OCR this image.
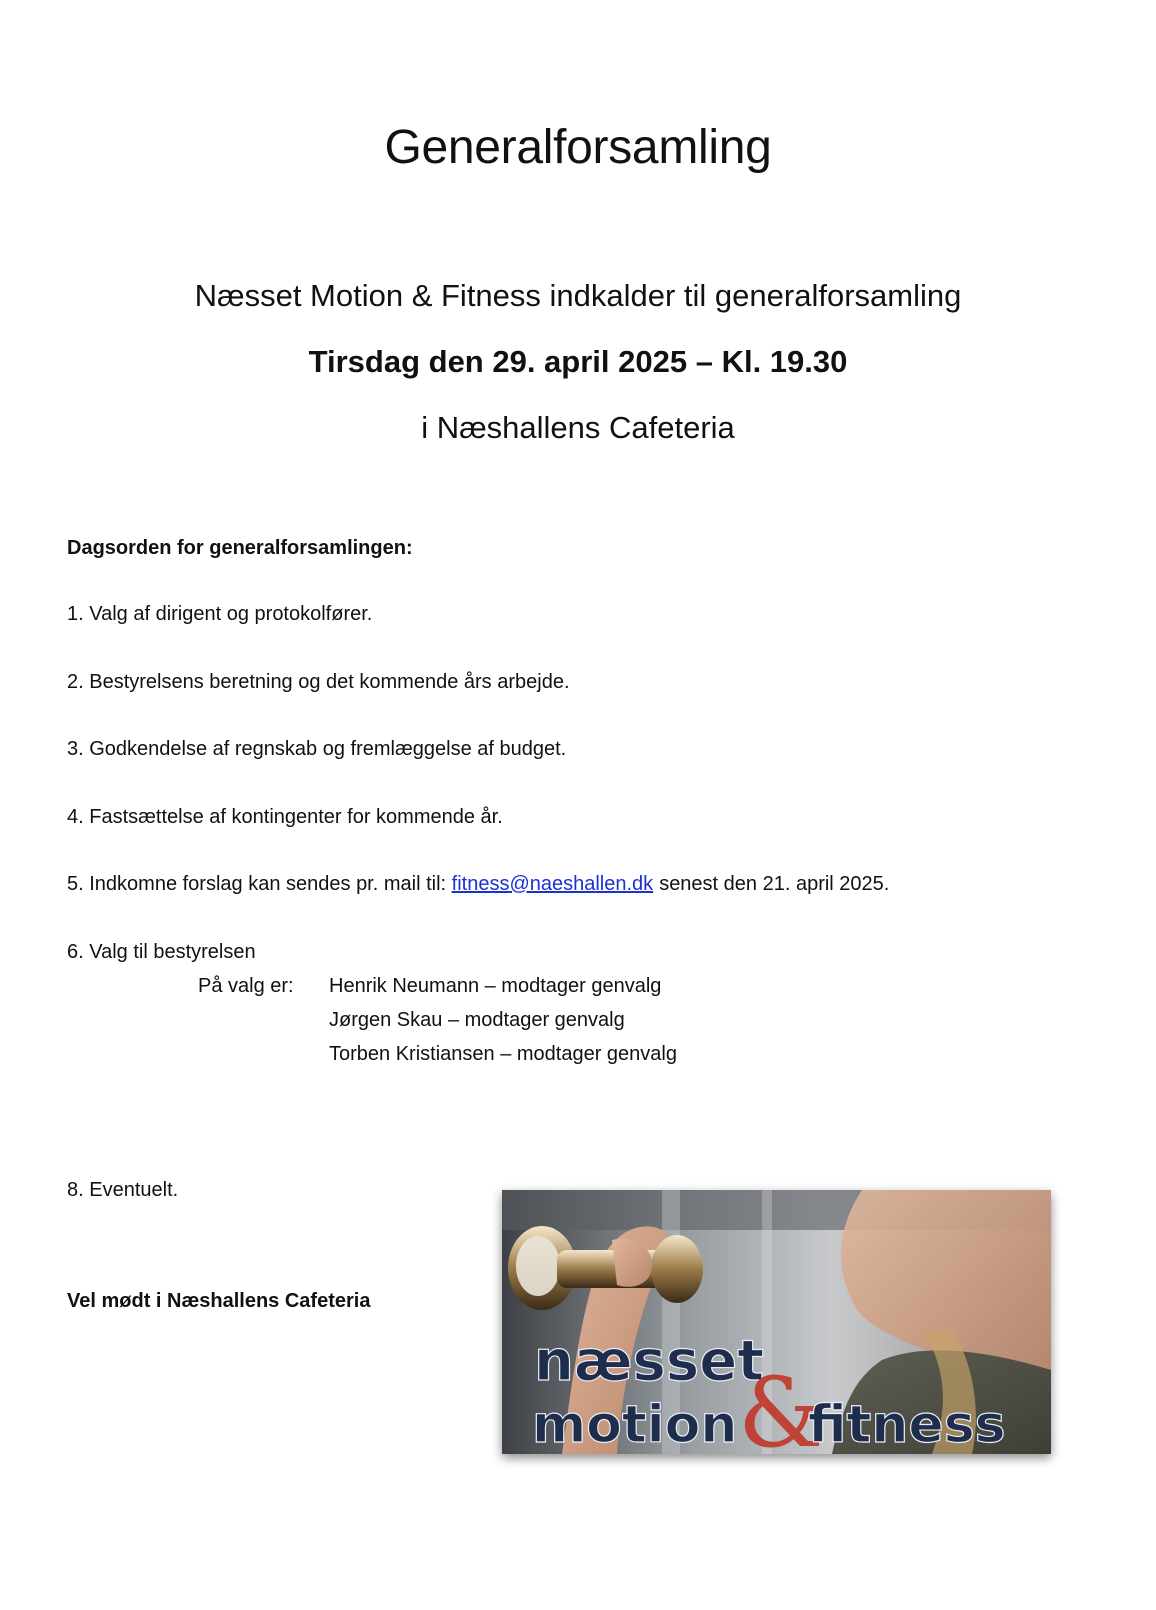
Generalforsamling

Næsset Motion & Fitness indkalder til generalforsamling

Tirsdag den 29. april 2025 – Kl. 19.30

i Næshallens Cafeteria

Dagsorden for generalforsamlingen:

1. Valg af dirigent og protokolfører.

2. Bestyrelsens beretning og det kommende års arbejde.

3. Godkendelse af regnskab og fremlæggelse af budget.

4. Fastsættelse af kontingenter for kommende år.

5. Indkomne forslag kan sendes pr. mail til: fitness@naeshallen.dk senest den 21. april 2025.

6. Valg til bestyrelsen

På valg er: Henrik Neumann – modtager genvalg

Jørgen Skau – modtager genvalg

Torben Kristiansen – modtager genvalg

8. Eventuelt.

Vel mødt i Næshallens Cafeteria

næsset
motion &
fitness
